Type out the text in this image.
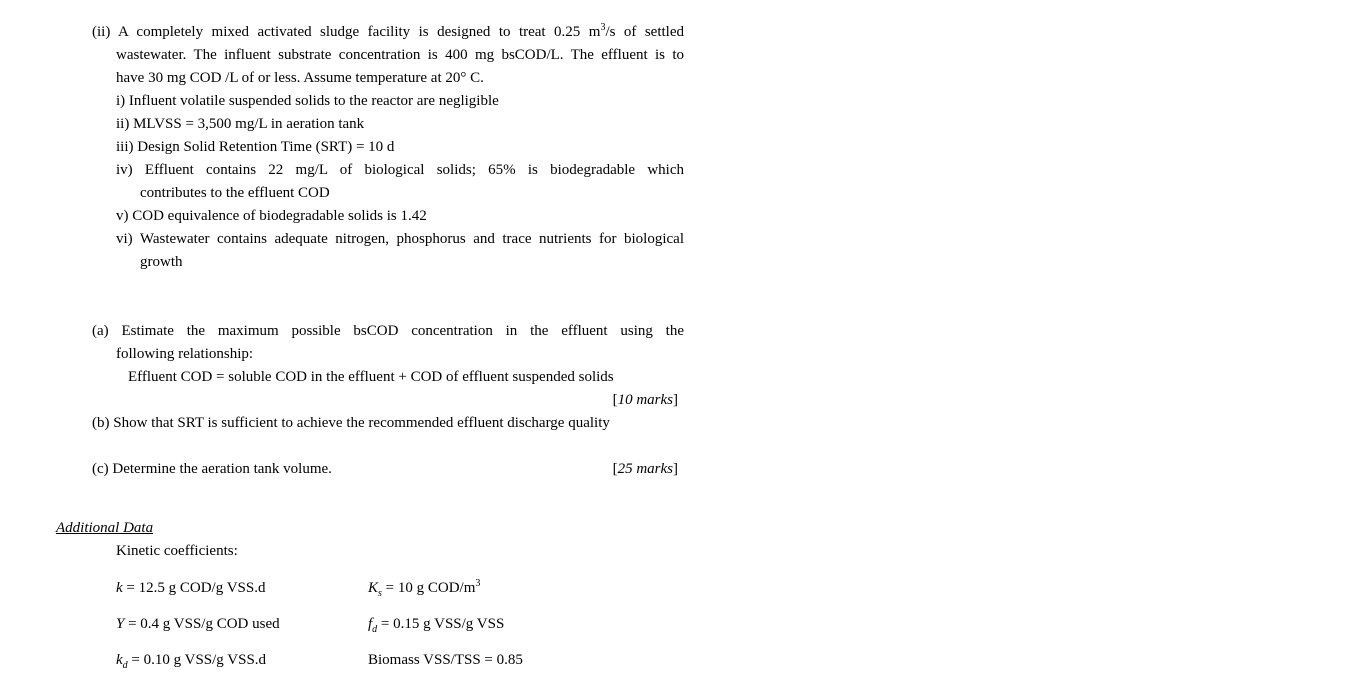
(ii) A completely mixed activated sludge facility is designed to treat 0.25 $m^3/s$ of settled
wastewater. The influent substrate concentration is 400 mg bsCOD/L. The effluent is to
have 30 mg COD /L of or less. Assume temperature at 20° C.
i) Influent volatile suspended solids to the reactor are negligible
ii) MLVSS = 3,500 mg/L in aeration tank
iii) Design Solid Retention Time (SRT) = 10 d
iv) Effluent contains 22 mg/L of biological solids; 65% is biodegradable which
contributes to the effluent COD
v) COD equivalence of biodegradable solids is 1.42
vi) Wastewater contains adequate nitrogen, phosphorus and trace nutrients for biological
growth
(a) Estimate the maximum possible bsCOD concentration in the effluent using the
following relationship:
Effluent COD = soluble COD in the effluent + COD of effluent suspended solids
[10 marks]
(b) Show that SRT is sufficient to achieve the recommended effluent discharge quality
(c) Determine the aeration tank volume.	[25 marks]
Additional Data
Kinetic coefficients:
k = 12.5 g COD/g VSS.d	$K_s = 10$ g COD/$m^3$
Y = 0.4 g VSS/g COD used	$f_d = 0.15$ g VSS/g VSS
$k_d = 0.10$ g VSS/g VSS.d	Biomass VSS/TSS = 0.85
